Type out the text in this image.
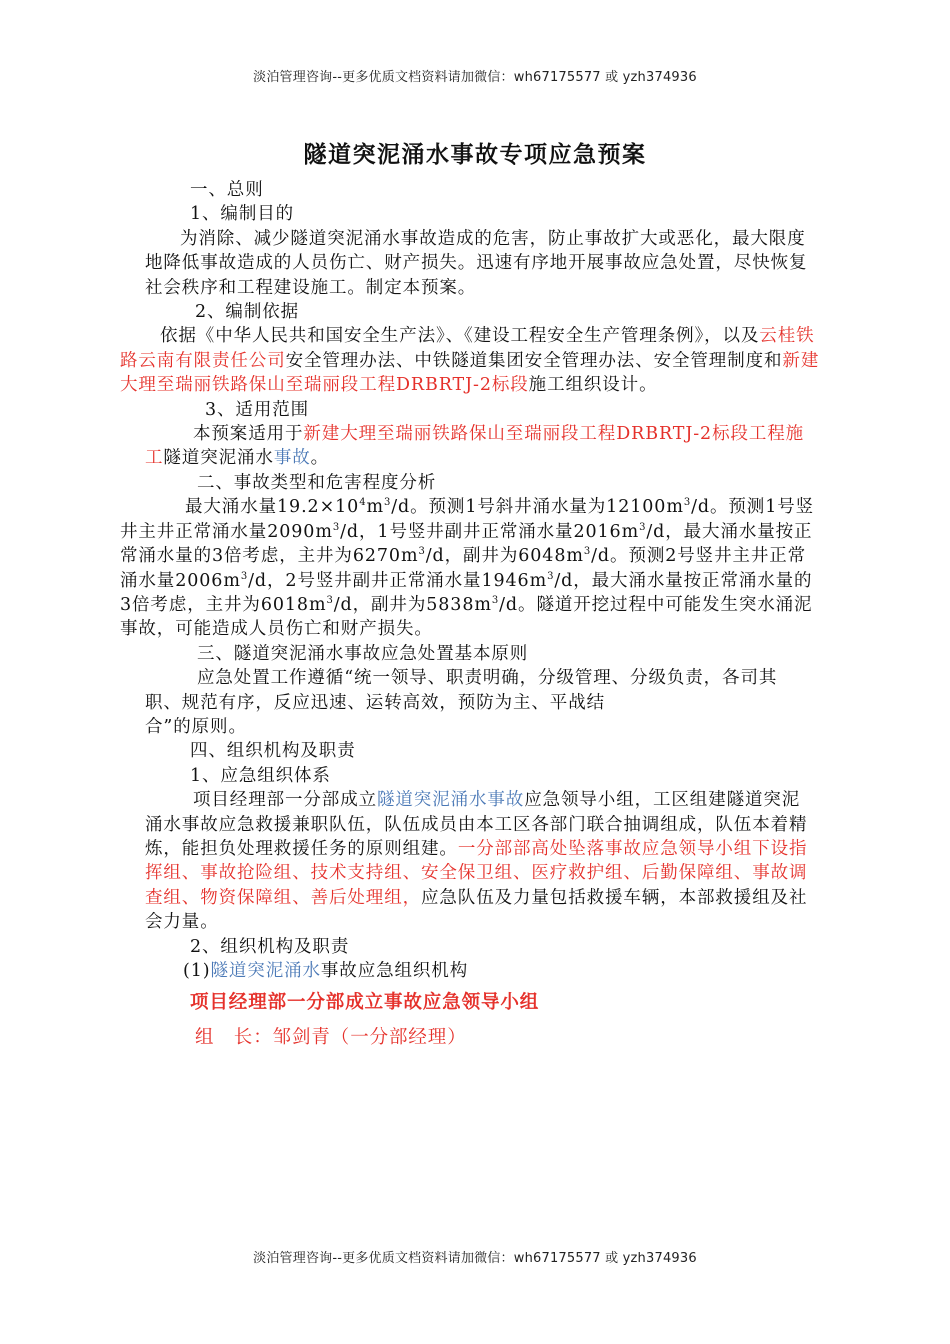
淡泊管理咨询--更多优质文档资料请加微信：wh67175577 或 yzh374936
隧道突泥涌水事故专项应急预案

一、总则

1、编制目的

为消除、减少隧道突泥涌水事故造成的危害，防止事故扩大或恶化，最大限度地降低事故造成的人员伤亡、财产损失。迅速有序地开展事故应急处置，尽快恢复社会秩序和工程建设施工。制定本预案。

2、编制依据

依据《中华人民共和国安全生产法》、《建设工程安全生产管理条例》，以及云桂铁路云南有限责任公司安全管理办法、中铁隧道集团安全管理办法、安全管理制度和新建大理至瑞丽铁路保山至瑞丽段工程DRBRTJ-2标段施工组织设计。

3、适用范围

本预案适用于新建大理至瑞丽铁路保山至瑞丽段工程DRBRTJ-2标段工程施工隧道突泥涌水事故。

二、事故类型和危害程度分析

最大涌水量$19.2\times 10^4m^3/d$。预测1号斜井涌水量为$12100m^3/d$。预测1号竖井主井正常涌水量$2090m^3/d$，1号竖井副井正常涌水量$2016m^3/d$，最大涌水量按正常涌水量的3倍考虑，主井为$6270m^3/d$，副井为$6048m^3/d$。预测2号竖井主井正常涌水量$2006m^3/d$，2号竖井副井正常涌水量$1946m^3/d$，最大涌水量按正常涌水量的3倍考虑，主井为$6018m^3/d$，副井为$5838m^3/d$。隧道开挖过程中可能发生突水涌泥事故，可能造成人员伤亡和财产损失。

三、隧道突泥涌水事故应急处置基本原则

应急处置工作遵循“统一领导、职责明确，分级管理、分级负责，各司其职、规范有序，反应迅速、运转高效，预防为主、平战结

合”的原则。

四、组织机构及职责

1、应急组织体系

项目经理部一分部成立隧道突泥涌水事故应急领导小组，工区组建隧道突泥涌水事故应急救援兼职队伍，队伍成员由本工区各部门联合抽调组成，队伍本着精炼，能担负处理救援任务的原则组建。一分部部高处坠落事故应急领导小组下设指挥组、事故抢险组、技术支持组、安全保卫组、医疗救护组、后勤保障组、事故调查组、物资保障组、善后处理组，应急队伍及力量包括救援车辆，本部救援组及社会力量。

2、组织机构及职责

(1)隧道突泥涌水事故应急组织机构

项目经理部一分部成立事故应急领导小组

组　长：邹剑青（一分部经理）

淡泊管理咨询--更多优质文档资料请加微信：wh67175577 或 yzh374936
